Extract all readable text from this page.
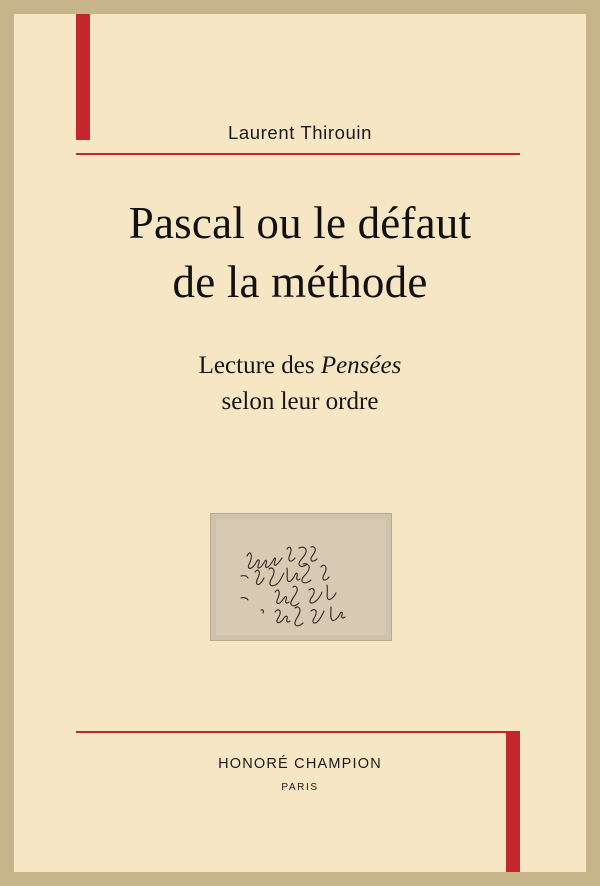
Laurent Thirouin
Pascal ou le défaut
de la méthode
Lecture des Pensées
selon leur ordre
HONORÉ CHAMPION
PARIS
